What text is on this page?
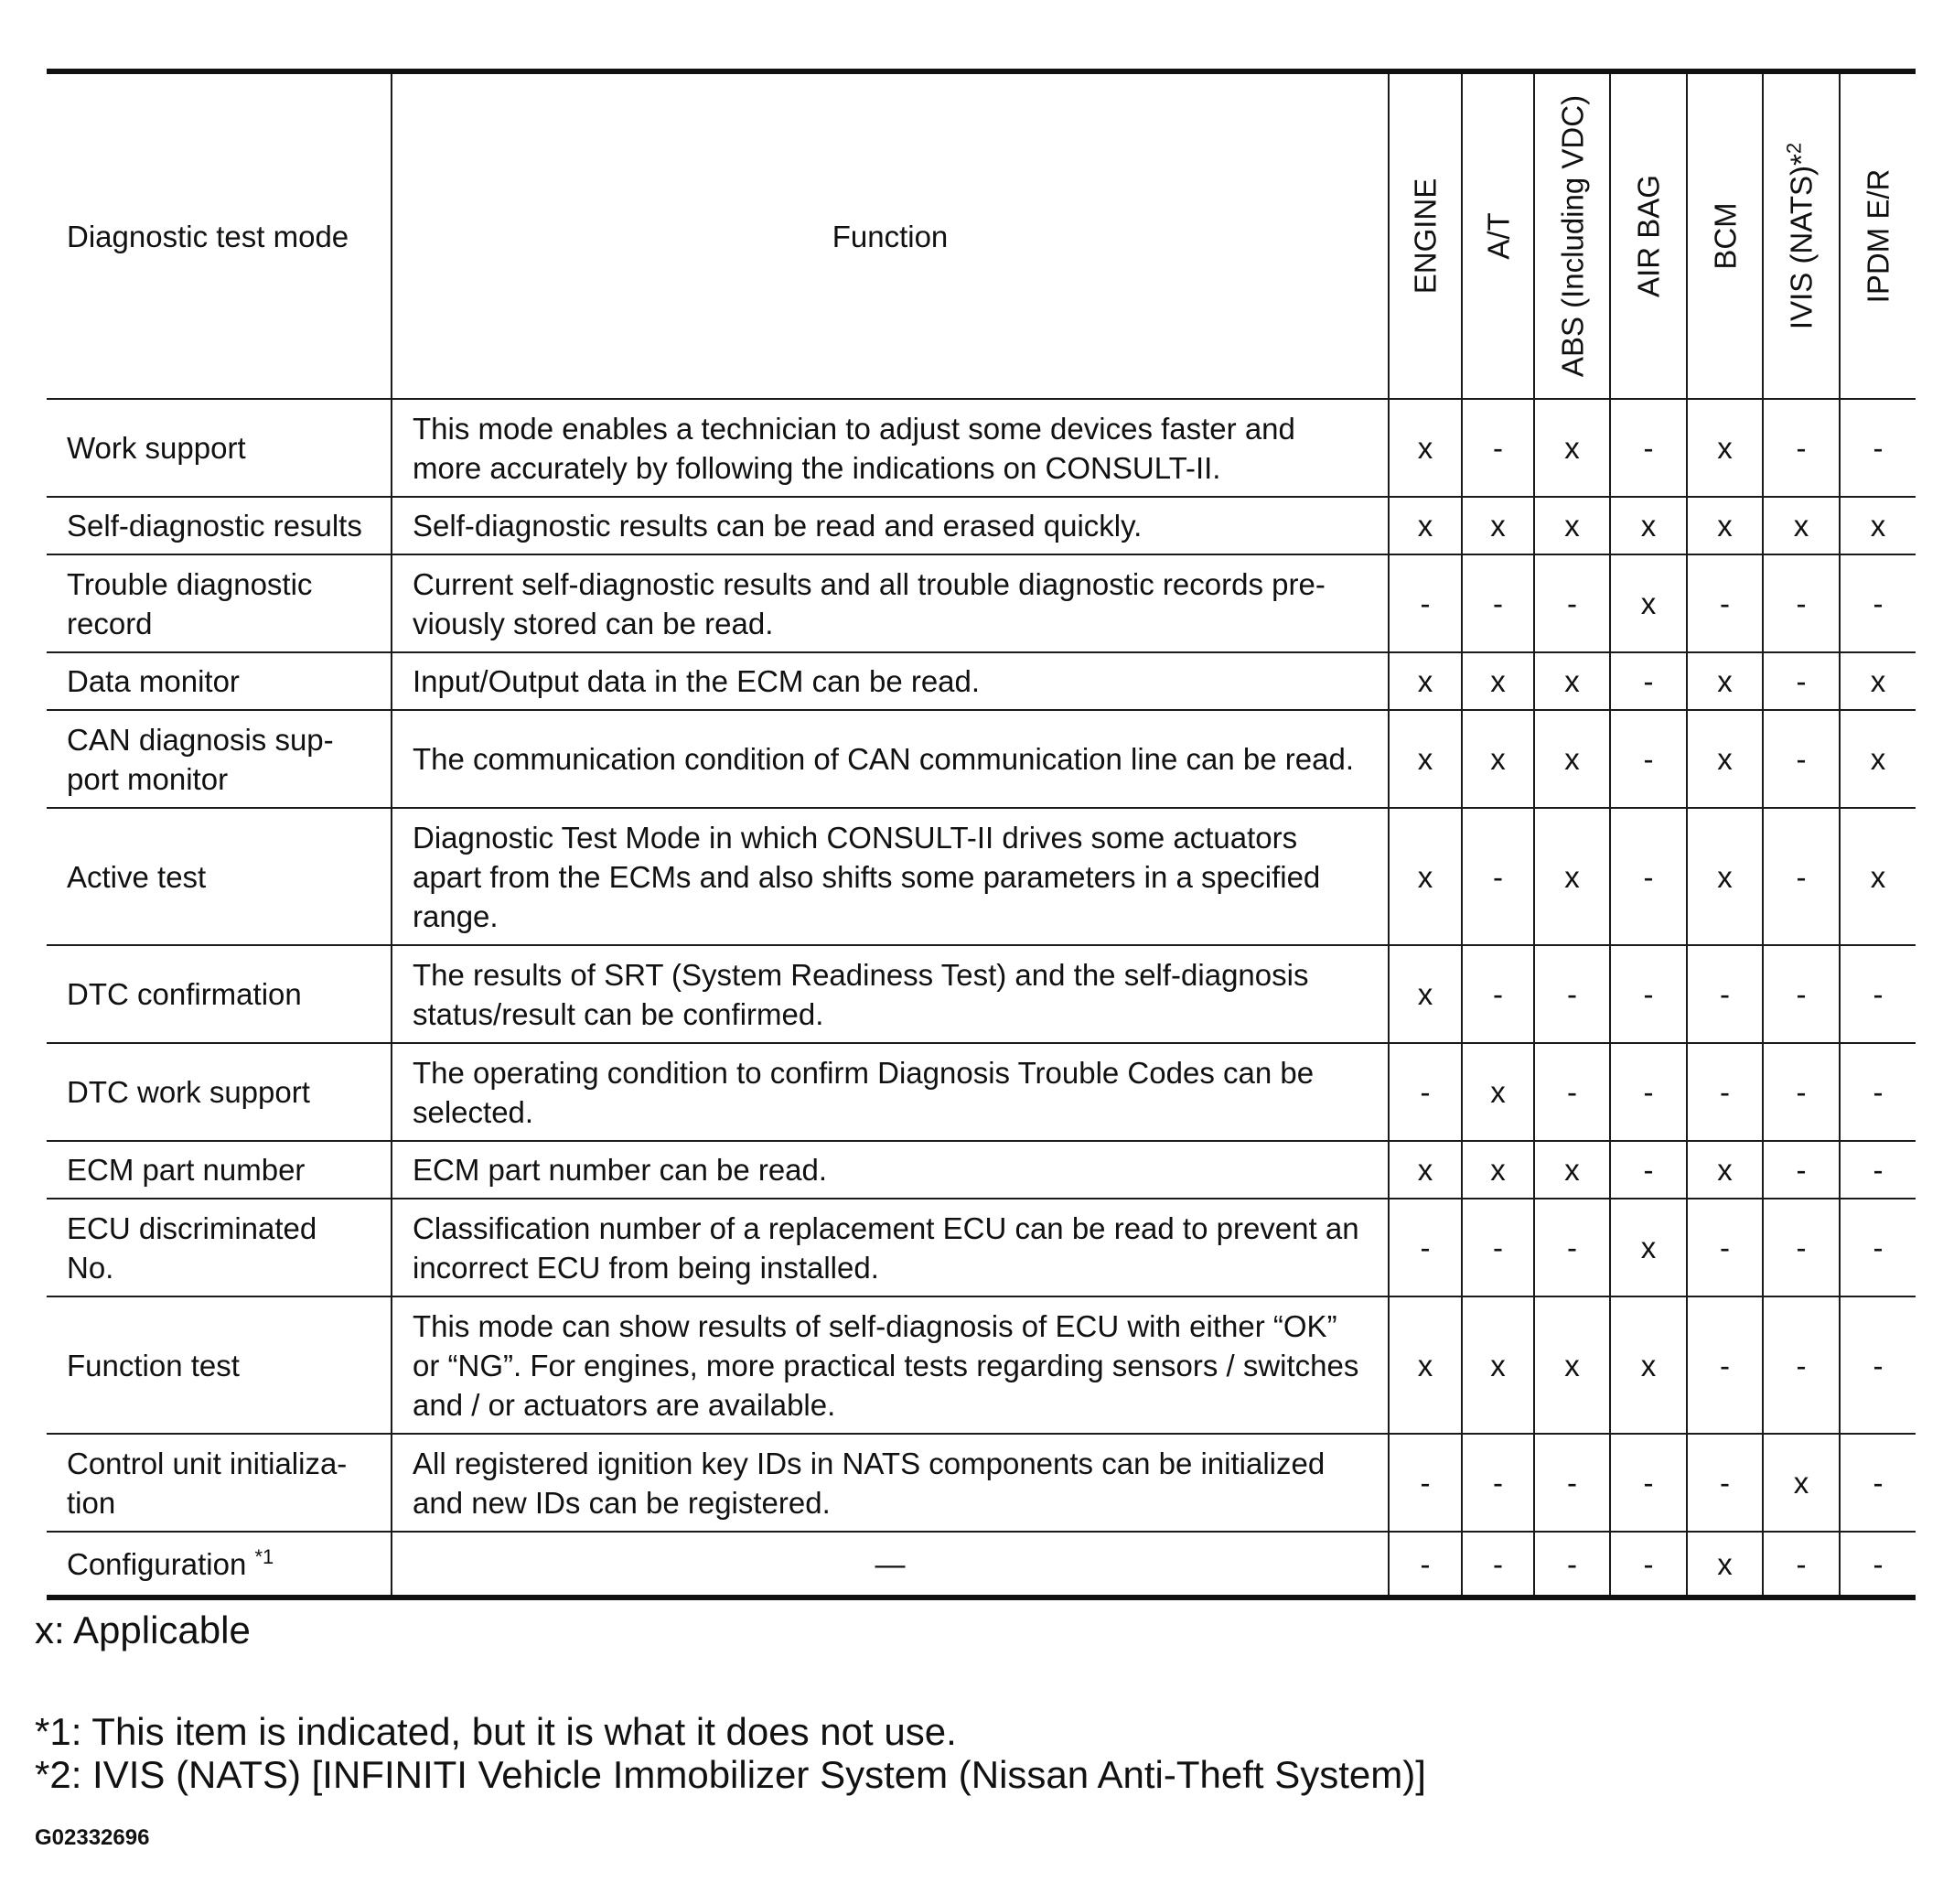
Diagnostic test mode	Function	ENGINE	A/T	ABS (Including VDC)	AIR BAG	BCM	IVIS (NATS)*$^2$	IPDM E/R

Work support	This mode enables a technician to adjust some devices faster and more accurately by following the indications on CONSULT-II.	x	-	x	-	x	-	-
Self-diagnostic results	Self-diagnostic results can be read and erased quickly.	x	x	x	x	x	x	x
Trouble diagnostic record	Current self-diagnostic results and all trouble diagnostic records pre-viously stored can be read.	-	-	-	x	-	-	-
Data monitor	Input/Output data in the ECM can be read.	x	x	x	-	x	-	x
CAN diagnosis sup-port monitor	The communication condition of CAN communication line can be read.	x	x	x	-	x	-	x
Active test	Diagnostic Test Mode in which CONSULT-II drives some actuators apart from the ECMs and also shifts some parameters in a specified range.	x	-	x	-	x	-	x
DTC confirmation	The results of SRT (System Readiness Test) and the self-diagnosis status/result can be confirmed.	x	-	-	-	-	-	-
DTC work support	The operating condition to confirm Diagnosis Trouble Codes can be selected.	-	x	-	-	-	-	-
ECM part number	ECM part number can be read.	x	x	x	-	x	-	-
ECU discriminated No.	Classification number of a replacement ECU can be read to prevent an incorrect ECU from being installed.	-	-	-	x	-	-	-
Function test	This mode can show results of self-diagnosis of ECU with either “OK” or “NG”. For engines, more practical tests regarding sensors / switches and / or actuators are available.	x	x	x	x	-	-	-
Control unit initializa-tion	All registered ignition key IDs in NATS components can be initialized and new IDs can be registered.	-	-	-	-	-	x	-
Configuration $^{*1}$	—	-	-	-	-	x	-	-
x: Applicable
*1: This item is indicated, but it is what it does not use.
*2: IVIS (NATS) [INFINITI Vehicle Immobilizer System (Nissan Anti-Theft System)]
G02332696
